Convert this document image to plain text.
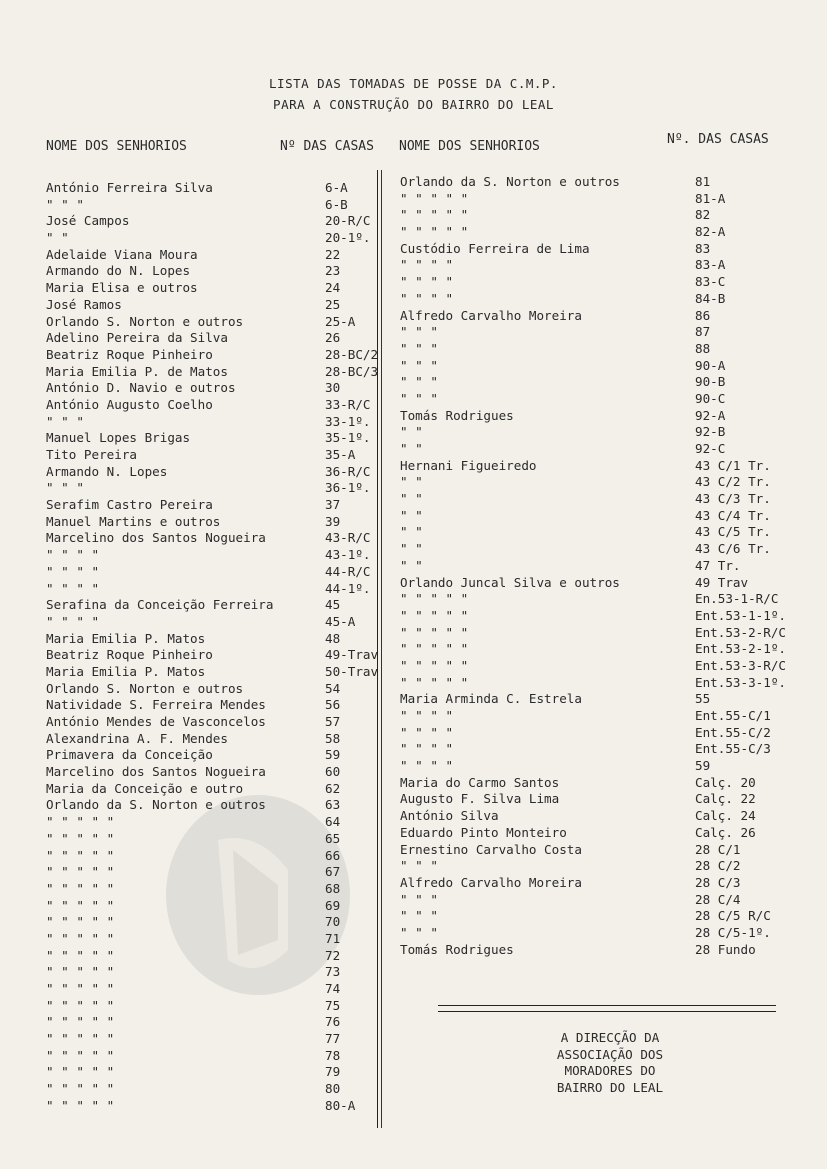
LISTA DAS TOMADAS DE POSSE DA C.M.P.
PARA A CONSTRUÇÃO DO BAIRRO DO LEAL
NOME DOS SENHORIOS	Nº DAS CASAS NOME DOS SENHORIOS	Nº. DAS CASAS
António Ferreira Silva	6-A
" " "	6-B
José Campos	20-R/C
" "	20-1º.
Adelaide Viana Moura	22
Armando do N. Lopes	23
Maria Elisa e outros	24
José Ramos	25
Orlando S. Norton e outros	25-A
Adelino Pereira da Silva	26
Beatriz Roque Pinheiro	28-BC/2
Maria Emilia P. de Matos	28-BC/3
António D. Navio e outros	30
António Augusto Coelho	33-R/C
" " "	33-1º.
Manuel Lopes Brigas	35-1º.
Tito Pereira	35-A
Armando N. Lopes	36-R/C
" " "	36-1º.
Serafim Castro Pereira	37
Manuel Martins e outros	39
Marcelino dos Santos Nogueira	43-R/C
" " " "	43-1º.
" " " "	44-R/C
" " " "	44-1º.
Serafina da Conceição Ferreira	45
" " " "	45-A
Maria Emilia P. Matos	48
Beatriz Roque Pinheiro	49-Trav
Maria Emilia P. Matos	50-Trav
Orlando S. Norton e outros	54
Natividade S. Ferreira Mendes	56
António Mendes de Vasconcelos	57
Alexandrina A. F. Mendes	58
Primavera da Conceição	59
Marcelino dos Santos Nogueira	60
Maria da Conceição e outro	62
Orlando da S. Norton e outros	63
" " " " "	64
" " " " "	65
" " " " "	66
" " " " "	67
" " " " "	68
" " " " "	69
" " " " "	70
" " " " "	71
" " " " "	72
" " " " "	73
" " " " "	74
" " " " "	75
" " " " "	76
" " " " "	77
" " " " "	78
" " " " "	79
" " " " "	80
" " " " "	80-A
Orlando da S. Norton e outros	81
" " " " "	81-A
" " " " "	82
" " " " "	82-A
Custódio Ferreira de Lima	83
" " " "	83-A
" " " "	83-C
" " " "	84-B
Alfredo Carvalho Moreira	86
" " "	87
" " "	88
" " "	90-A
" " "	90-B
" " "	90-C
Tomás Rodrigues	92-A
" "	92-B
" "	92-C
Hernani Figueiredo	43 C/1 Tr.
" "	43 C/2 Tr.
" "	43 C/3 Tr.
" "	43 C/4 Tr.
" "	43 C/5 Tr.
" "	43 C/6 Tr.
" "	47 Tr.
Orlando Juncal Silva e outros	49 Trav
" " " " "	En.53-1-R/C
" " " " "	Ent.53-1-1º.
" " " " "	Ent.53-2-R/C
" " " " "	Ent.53-2-1º.
" " " " "	Ent.53-3-R/C
" " " " "	Ent.53-3-1º.
Maria Arminda C. Estrela	55
" " " "	Ent.55-C/1
" " " "	Ent.55-C/2
" " " "	Ent.55-C/3
" " " "	59
Maria do Carmo Santos	Calç. 20
Augusto F. Silva Lima	Calç. 22
António Silva	Calç. 24
Eduardo Pinto Monteiro	Calç. 26
Ernestino Carvalho Costa	28 C/1
" " "	28 C/2
Alfredo Carvalho Moreira	28 C/3
" " "	28 C/4
" " "	28 C/5 R/C
" " "	28 C/5-1º.
Tomás Rodrigues	28 Fundo
A DIRECÇÃO DA
ASSOCIAÇÃO DOS
MORADORES DO
BAIRRO DO LEAL
